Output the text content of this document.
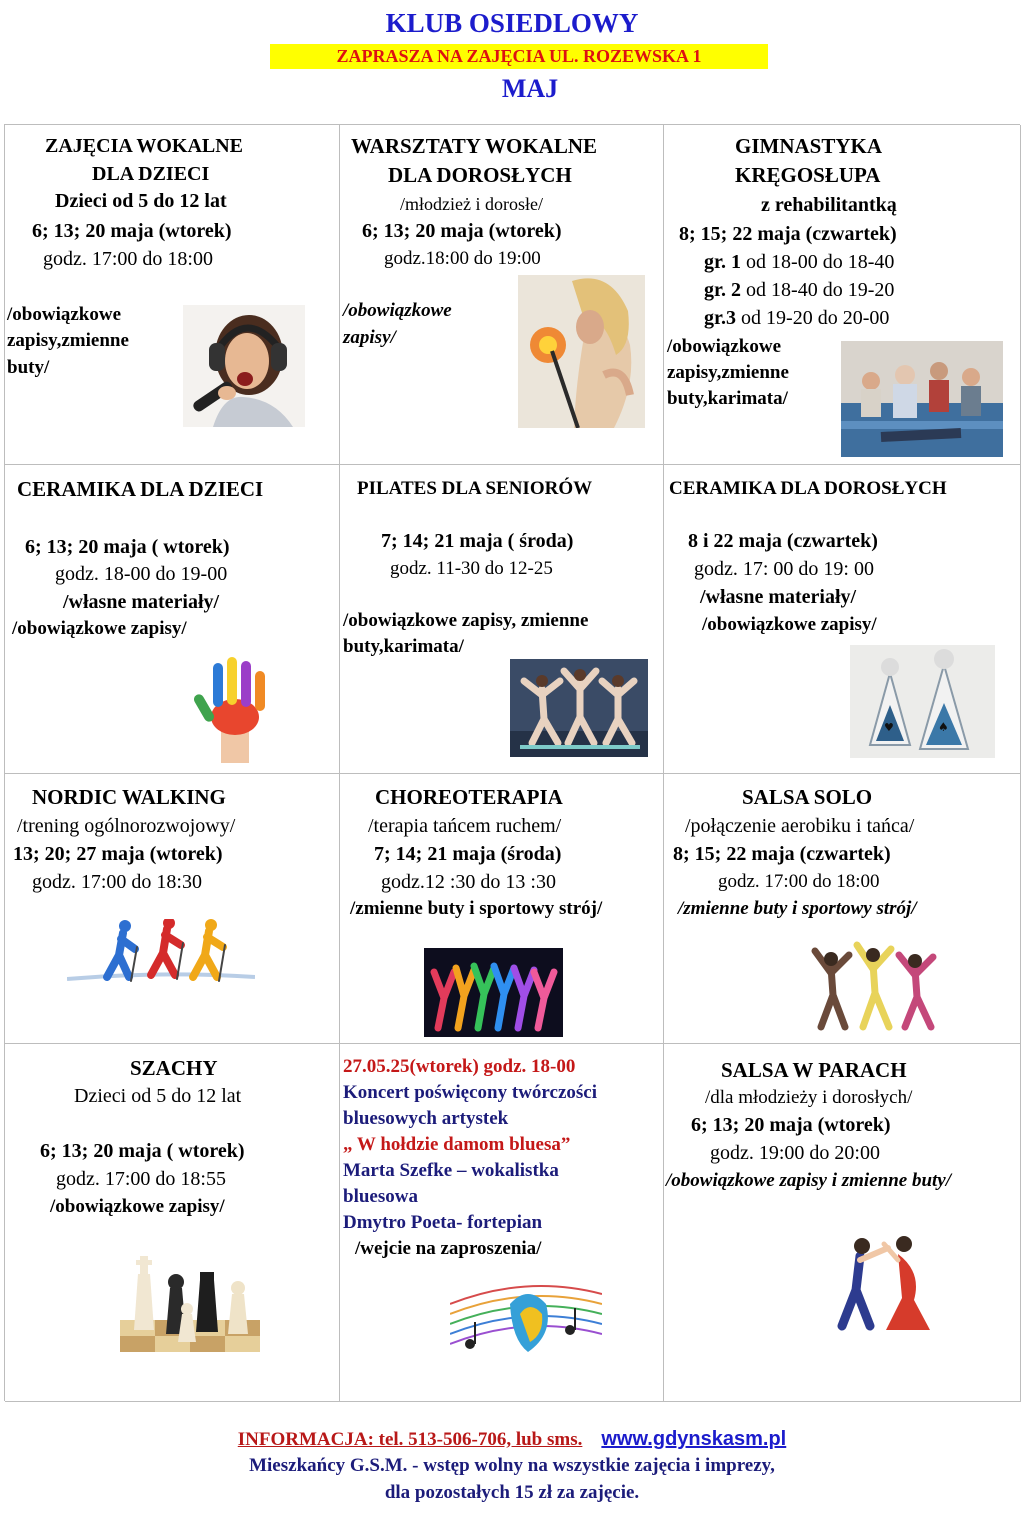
KLUB OSIEDLOWY
ZAPRASZA NA ZAJĘCIA UL. ROZEWSKA 1
MAJ
ZAJĘCIA WOKALNE
DLA DZIECI
Dzieci od 5 do 12 lat
6; 13; 20 maja (wtorek)
godz. 17:00 do 18:00
/obowiązkowe
zapisy,zmienne
buty/
WARSZTATY WOKALNE
DLA DOROSŁYCH
/młodzież i dorosłe/
6; 13; 20 maja (wtorek)
godz.18:00 do 19:00
/obowiązkowe
zapisy/
GIMNASTYKA
KRĘGOSŁUPA
z rehabilitantką
8; 15; 22 maja (czwartek)
gr. 1 od 18-00 do 18-40
gr. 2 od 18-40 do 19-20
gr.3 od 19-20 do 20-00
/obowiązkowe
zapisy,zmienne
buty,karimata/
CERAMIKA DLA DZIECI
6; 13; 20 maja ( wtorek)
godz. 18-00 do 19-00
/własne materiały/
/obowiązkowe zapisy/
PILATES DLA SENIORÓW
7; 14; 21 maja ( środa)
godz. 11-30 do 12-25
/obowiązkowe zapisy, zmienne
buty,karimata/
CERAMIKA DLA DOROSŁYCH
8 i 22 maja (czwartek)
godz. 17: 00 do 19: 00
/własne materiały/
/obowiązkowe zapisy/
♠
♥
NORDIC WALKING
/trening ogólnorozwojowy/
13; 20; 27 maja (wtorek)
godz. 17:00 do 18:30
CHOREOTERAPIA
/terapia tańcem ruchem/
7; 14; 21 maja (środa)
godz.12 :30 do 13 :30
/zmienne buty i sportowy strój/
SALSA SOLO
/połączenie aerobiku i tańca/
8; 15; 22 maja (czwartek)
godz. 17:00 do 18:00
/zmienne buty i sportowy strój/
SZACHY
Dzieci od 5 do 12 lat
6; 13; 20 maja ( wtorek)
godz. 17:00 do 18:55
/obowiązkowe zapisy/
27.05.25(wtorek) godz. 18-00
Koncert poświęcony twórczości
bluesowych artystek
„ W hołdzie damom bluesa”
Marta Szefke – wokalistka
bluesowa
Dmytro Poeta- fortepian
/wejcie na zaproszenia/
SALSA W PARACH
/dla młodzieży i dorosłych/
6; 13; 20 maja (wtorek)
godz. 19:00 do 20:00
/obowiązkowe zapisy i zmienne buty/
INFORMACJA: tel. 513-506-706, lub sms. www.gdynskasm.pl
Mieszkańcy G.S.M. - wstęp wolny na wszystkie zajęcia i imprezy,
dla pozostałych 15 zł za zajęcie.
